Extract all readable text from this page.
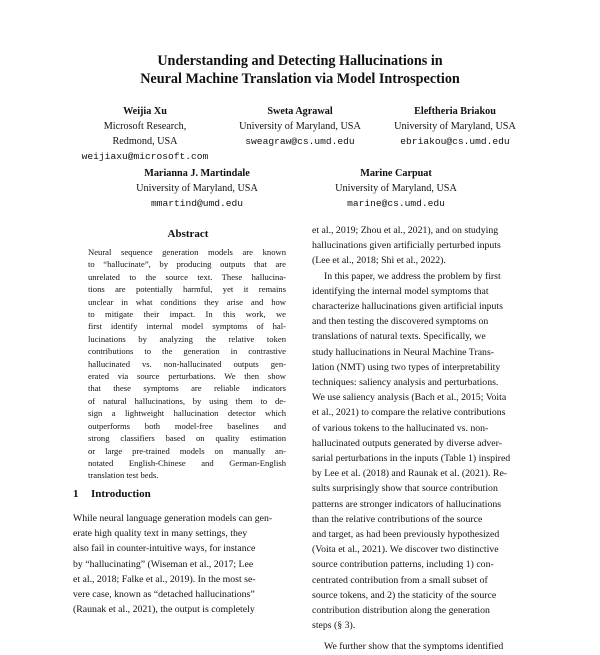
Understanding and Detecting Hallucinations in
Neural Machine Translation via Model Introspection
Weijia Xu
Microsoft Research,
Redmond, USA
weijiaxu@microsoft.com
Sweta Agrawal
University of Maryland, USA
sweagraw@cs.umd.edu
Eleftheria Briakou
University of Maryland, USA
ebriakou@cs.umd.edu
Marianna J. Martindale
University of Maryland, USA
mmartind@umd.edu
Marine Carpuat
University of Maryland, USA
marine@cs.umd.edu
Abstract
Neural sequence generation models are known
to “hallucinate”, by producing outputs that are
unrelated to the source text. These hallucina-
tions are potentially harmful, yet it remains
unclear in what conditions they arise and how
to mitigate their impact. In this work, we
first identify internal model symptoms of hal-
lucinations by analyzing the relative token
contributions to the generation in contrastive
hallucinated vs. non-hallucinated outputs gen-
erated via source perturbations. We then show
that these symptoms are reliable indicators
of natural hallucinations, by using them to de-
sign a lightweight hallucination detector which
outperforms both model-free baselines and
strong classifiers based on quality estimation
or large pre-trained models on manually an-
notated English-Chinese and German-English
translation test beds.
1 Introduction
While neural language generation models can gen-
erate high quality text in many settings, they
also fail in counter-intuitive ways, for instance
by “hallucinating” (Wiseman et al., 2017; Lee
et al., 2018; Falke et al., 2019). In the most se-
vere case, known as “detached hallucinations”
(Raunak et al., 2021), the output is completely
et al., 2019; Zhou et al., 2021), and on studying
hallucinations given artificially perturbed inputs
(Lee et al., 2018; Shi et al., 2022).
In this paper, we address the problem by first
identifying the internal model symptoms that
characterize hallucinations given artificial inputs
and then testing the discovered symptoms on
translations of natural texts. Specifically, we
study hallucinations in Neural Machine Trans-
lation (NMT) using two types of interpretability
techniques: saliency analysis and perturbations.
We use saliency analysis (Bach et al., 2015; Voita
et al., 2021) to compare the relative contributions
of various tokens to the hallucinated vs. non-
hallucinated outputs generated by diverse adver-
sarial perturbations in the inputs (Table 1) inspired
by Lee et al. (2018) and Raunak et al. (2021). Re-
sults surprisingly show that source contribution
patterns are stronger indicators of hallucinations
than the relative contributions of the source
and target, as had been previously hypothesized
(Voita et al., 2021). We discover two distinctive
source contribution patterns, including 1) con-
centrated contribution from a small subset of
source tokens, and 2) the staticity of the source
contribution distribution along the generation
steps (§ 3).
We further show that the symptoms identified
